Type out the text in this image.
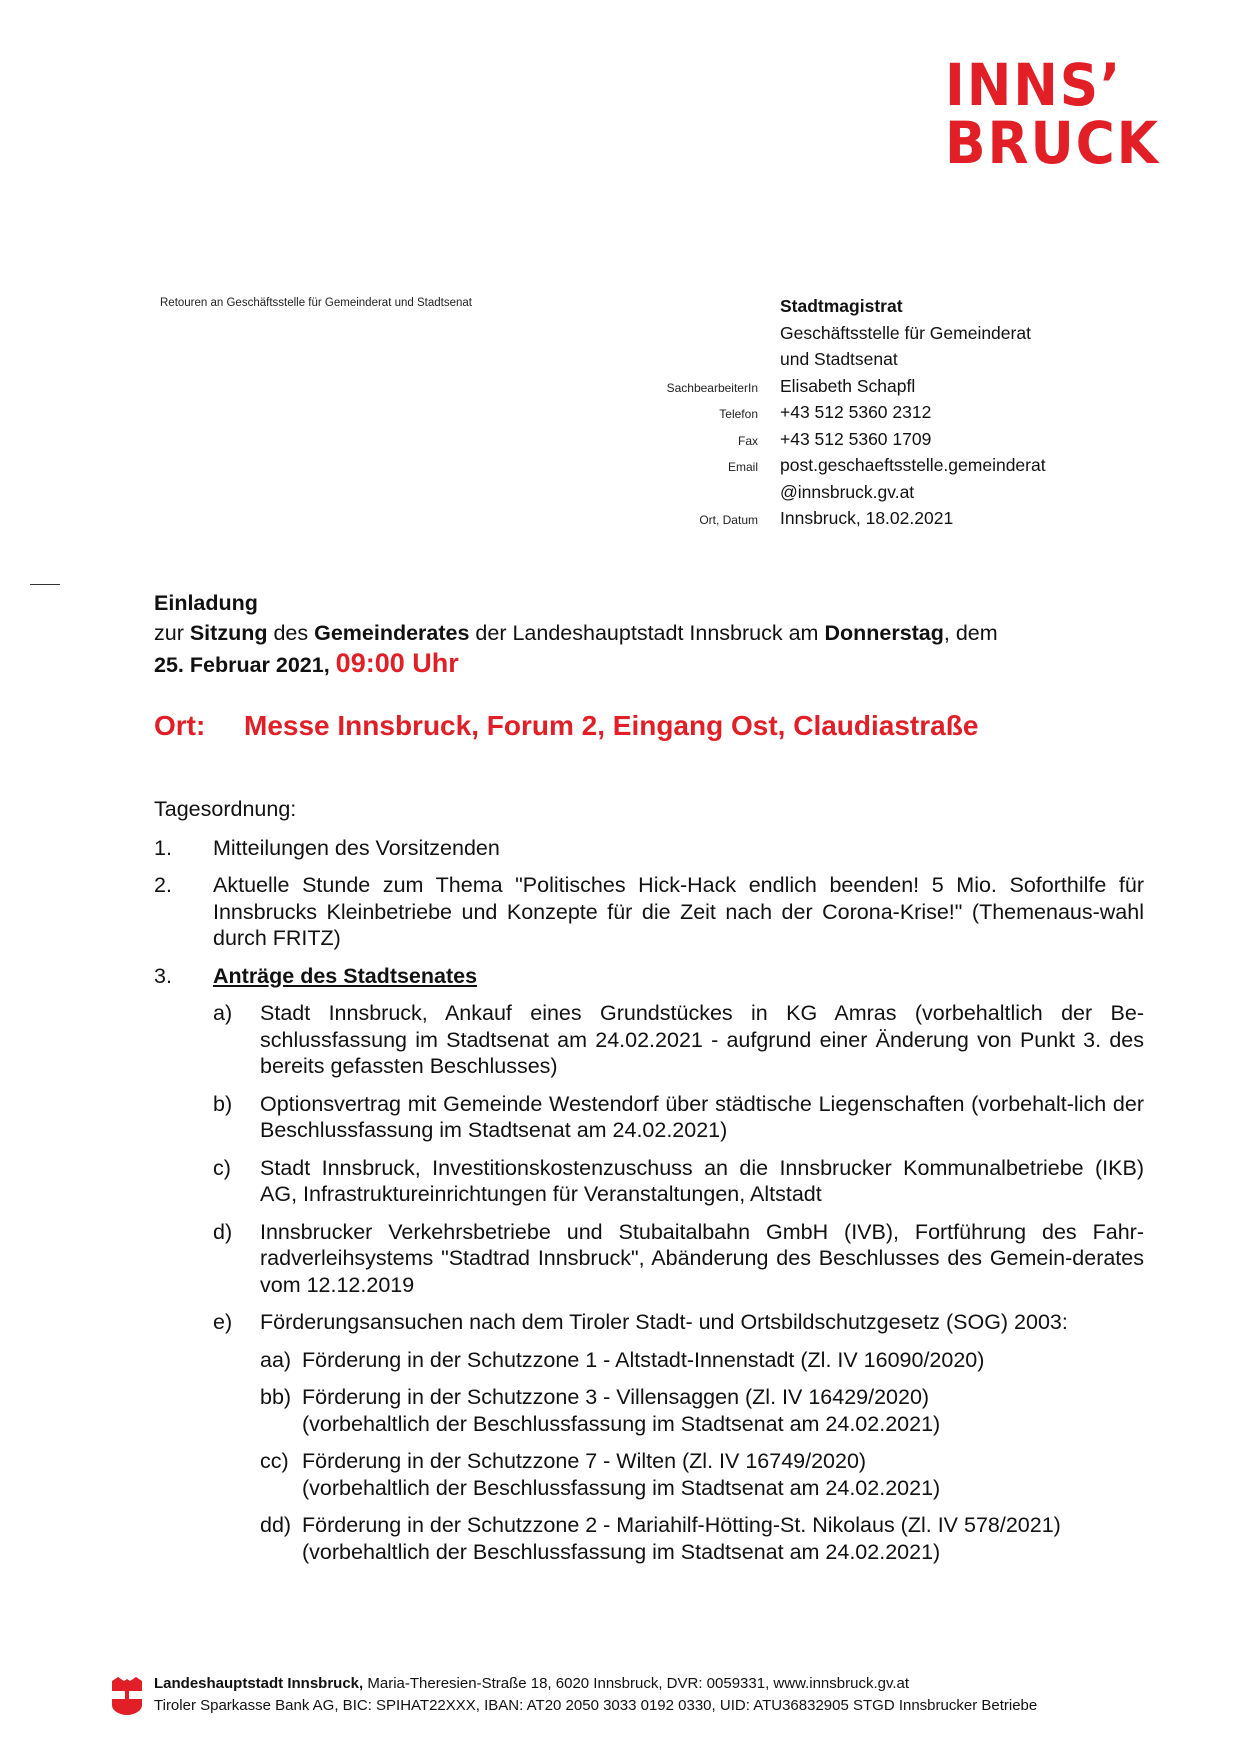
INNS’
BRUCK
Retouren an Geschäftsstelle für Gemeinderat und Stadtsenat	Stadtmagistrat
Geschäftsstelle für Gemeinderat
und Stadtsenat
SachbearbeiterIn	Elisabeth Schapfl
Telefon	+43 512 5360 2312
Fax	+43 512 5360 1709
Email	post.geschaeftsstelle.gemeinderat
@innsbruck.gv.at
Ort, Datum	Innsbruck, 18.02.2021
Einladung
zur Sitzung des Gemeinderates der Landeshauptstadt Innsbruck am Donnerstag, dem
25. Februar 2021, 09:00 Uhr
Ort: Messe Innsbruck, Forum 2, Eingang Ost, Claudiastraße
Tagesordnung:
1.	Mitteilungen des Vorsitzenden
2.	Aktuelle Stunde zum Thema "Politisches Hick-Hack endlich beenden! 5 Mio. Soforthilfe für Innsbrucks Kleinbetriebe und Konzepte für die Zeit nach der Corona-Krise!" (Themenaus-wahl durch FRITZ)
3.	Anträge des Stadtsenates
a)	Stadt Innsbruck, Ankauf eines Grundstückes in KG Amras (vorbehaltlich der Be-schlussfassung im Stadtsenat am 24.02.2021 - aufgrund einer Änderung von Punkt 3. des bereits gefassten Beschlusses)
b)	Optionsvertrag mit Gemeinde Westendorf über städtische Liegenschaften (vorbehalt-lich der Beschlussfassung im Stadtsenat am 24.02.2021)
c)	Stadt Innsbruck, Investitionskostenzuschuss an die Innsbrucker Kommunalbetriebe (IKB) AG, Infrastruktureinrichtungen für Veranstaltungen, Altstadt
d)	Innsbrucker Verkehrsbetriebe und Stubaitalbahn GmbH (IVB), Fortführung des Fahr-radverleihsystems "Stadtrad Innsbruck", Abänderung des Beschlusses des Gemein-derates vom 12.12.2019
e)	Förderungsansuchen nach dem Tiroler Stadt- und Ortsbildschutzgesetz (SOG) 2003:
aa) Förderung in der Schutzzone 1 - Altstadt-Innenstadt (Zl. IV 16090/2020)
bb) Förderung in der Schutzzone 3 - Villensaggen (Zl. IV 16429/2020)
(vorbehaltlich der Beschlussfassung im Stadtsenat am 24.02.2021)
cc) Förderung in der Schutzzone 7 - Wilten (Zl. IV 16749/2020)
(vorbehaltlich der Beschlussfassung im Stadtsenat am 24.02.2021)
dd) Förderung in der Schutzzone 2 - Mariahilf-Hötting-St. Nikolaus (Zl. IV 578/2021)
(vorbehaltlich der Beschlussfassung im Stadtsenat am 24.02.2021)
Landeshauptstadt Innsbruck, Maria-Theresien-Straße 18, 6020 Innsbruck, DVR: 0059331, www.innsbruck.gv.at
Tiroler Sparkasse Bank AG, BIC: SPIHAT22XXX, IBAN: AT20 2050 3033 0192 0330, UID: ATU36832905 STGD Innsbrucker Betriebe
